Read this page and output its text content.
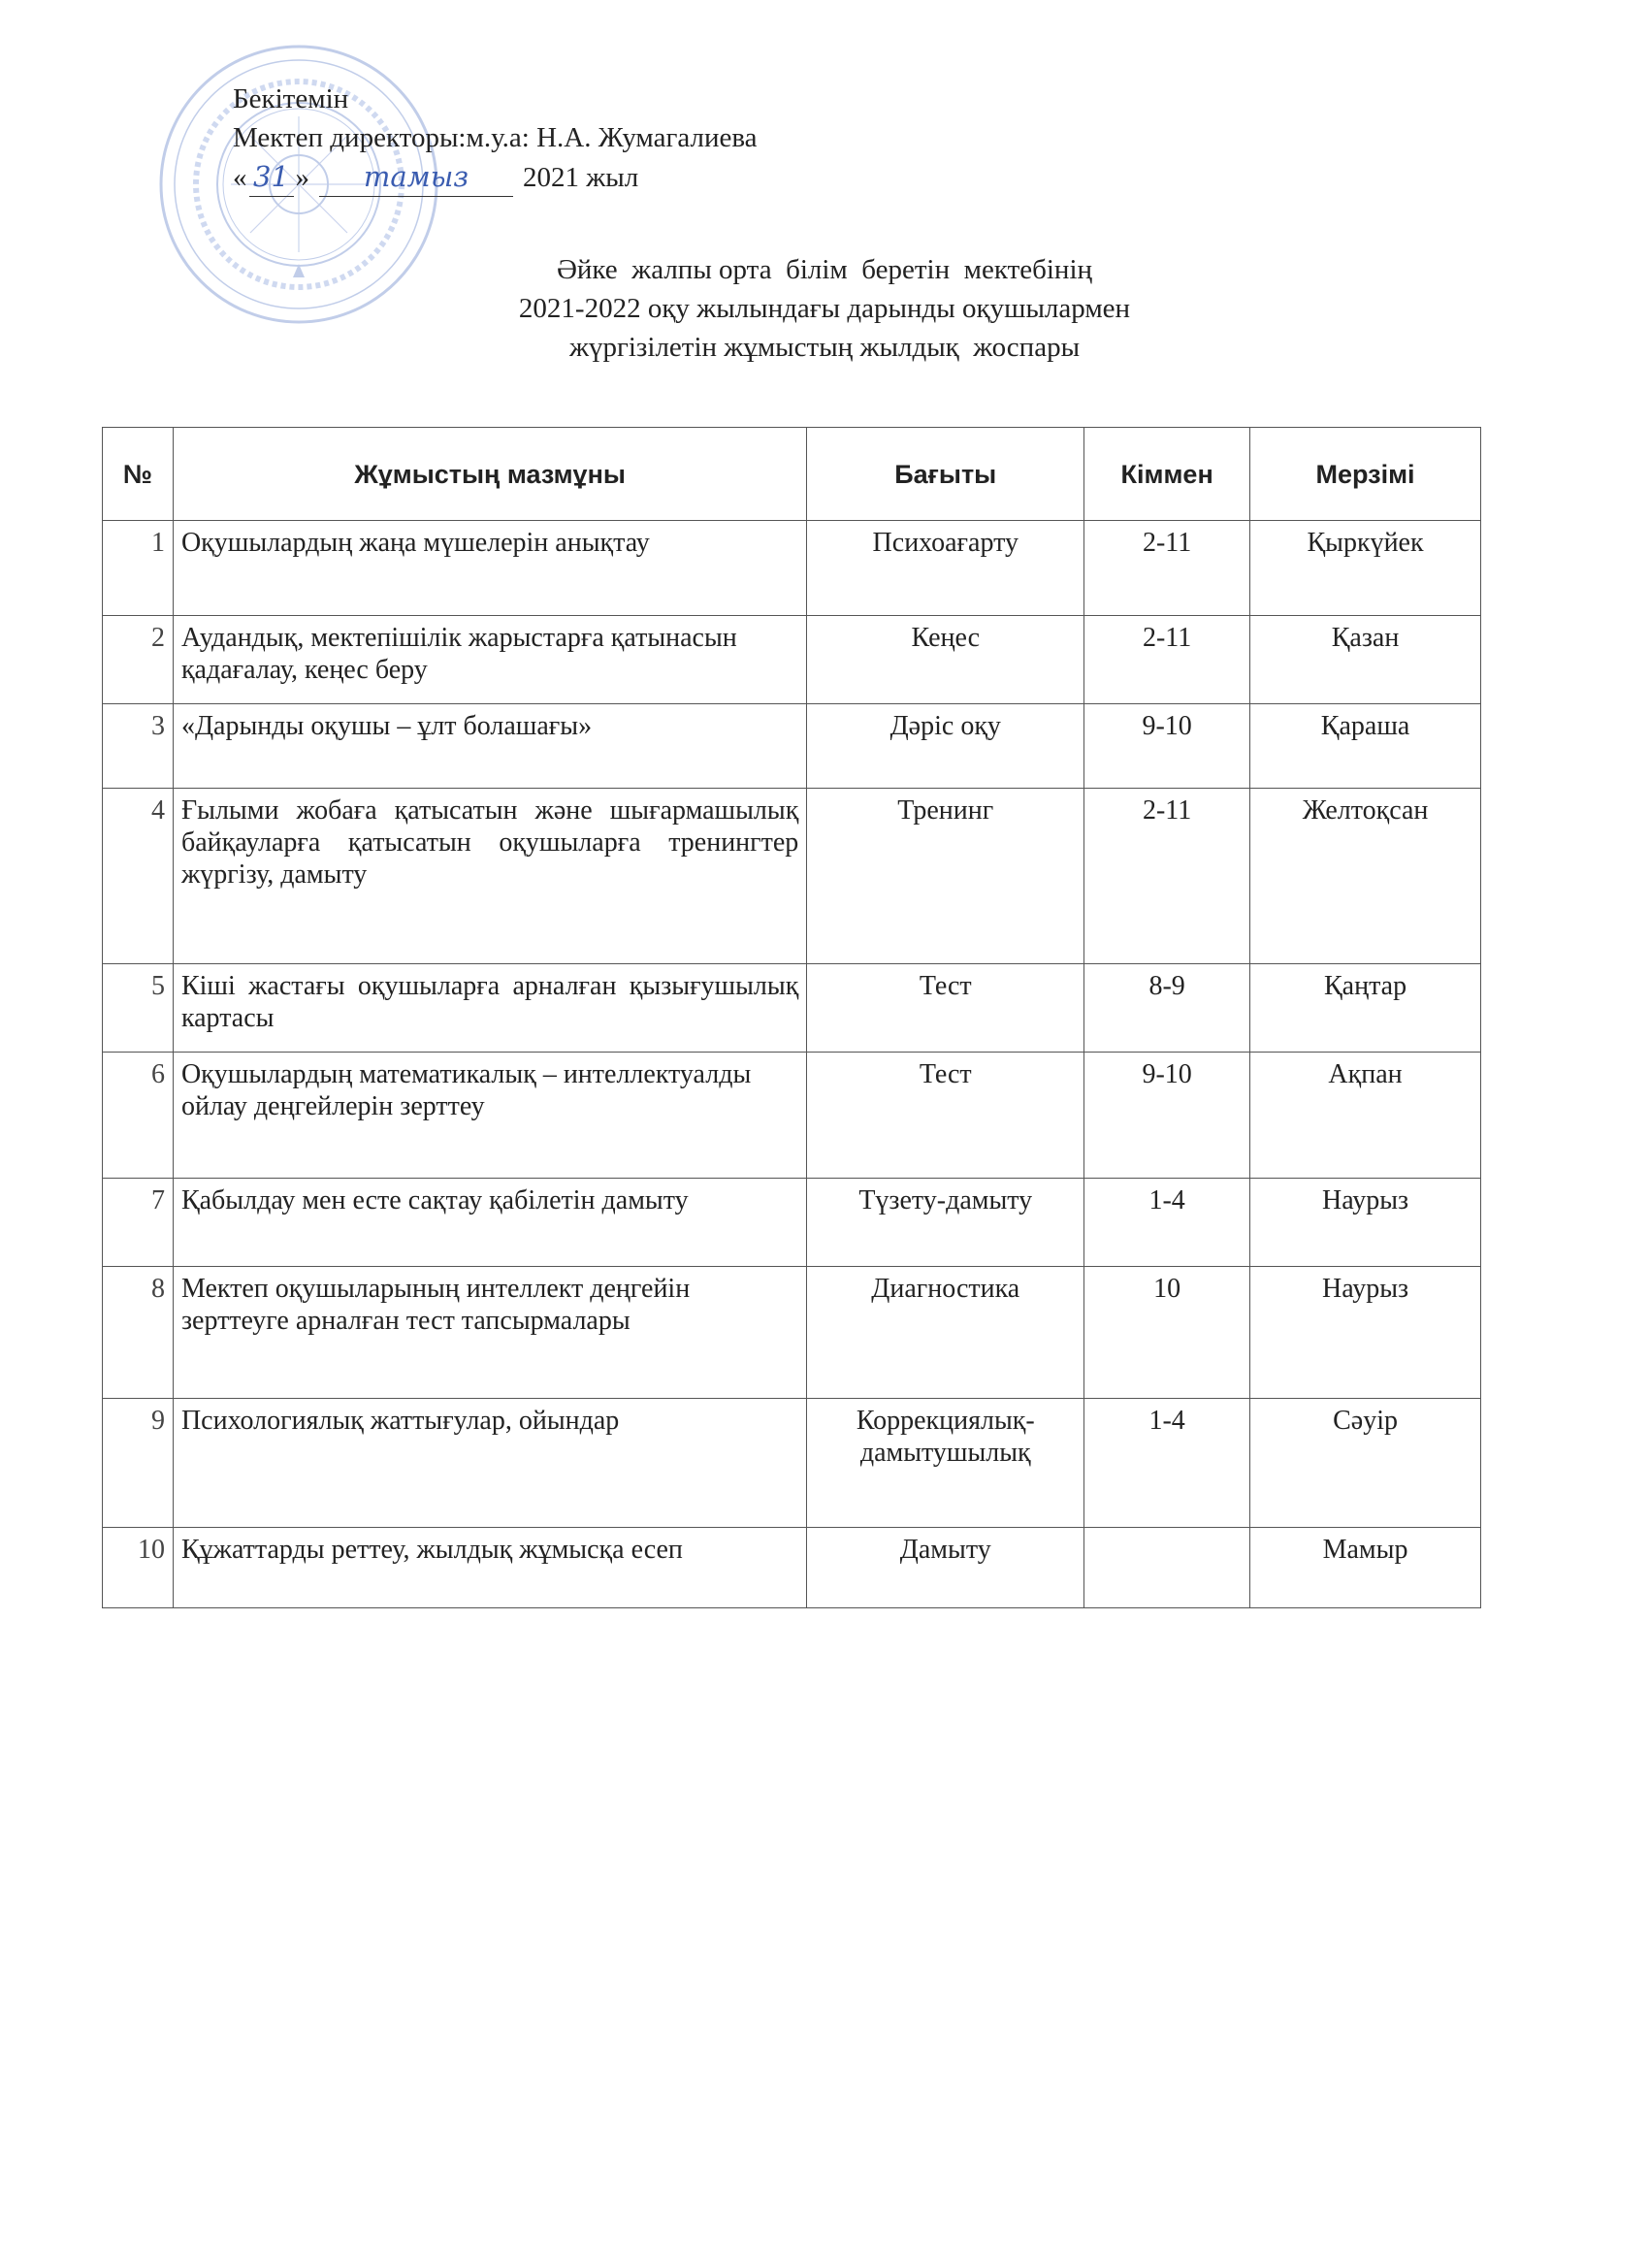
Бекітемін
Мектеп директоры:м.у.а: Н.А. Жумагалиева
« 31 »	тамыз	2021 жыл
Әйке  жалпы орта  білім  беретін  мектебінің
2021-2022 оқу жылындағы дарынды оқушылармен
жүргізілетін жұмыстың жылдық  жоспары
№	Жұмыстың мазмұны	Бағыты	Кіммен	Мерзімі
1	Оқушылардың жаңа мүшелерін анықтау	Психоағарту	2-11	Қыркүйек
2	Аудандық, мектепішілік жарыстарға қатынасын қадағалау, кеңес беру	Кеңес	2-11	Қазан
3	«Дарынды оқушы – ұлт болашағы»	Дәріс оқу	9-10	Қараша
4	Ғылыми жобаға қатысатын және шығармашылық байқауларға қатысатын оқушыларға тренингтер жүргізу, дамыту	Тренинг	2-11	Желтоқсан
5	Кіші жастағы оқушыларға арналған қызығушылық картасы	Тест	8-9	Қаңтар
6	Оқушылардың математикалық – интеллектуалды ойлау деңгейлерін зерттеу	Тест	9-10	Ақпан
7	Қабылдау мен есте сақтау қабілетін дамыту	Түзету-дамыту	1-4	Наурыз
8	Мектеп оқушыларының интеллект деңгейін зерттеуге арналған тест тапсырмалары	Диагностика	10	Наурыз
9	Психологиялық жаттығулар, ойындар	Коррекциялық-дамытушылық	1-4	Сәуір
10	Құжаттарды реттеу, жылдық жұмысқа есеп	Дамыту		Мамыр
